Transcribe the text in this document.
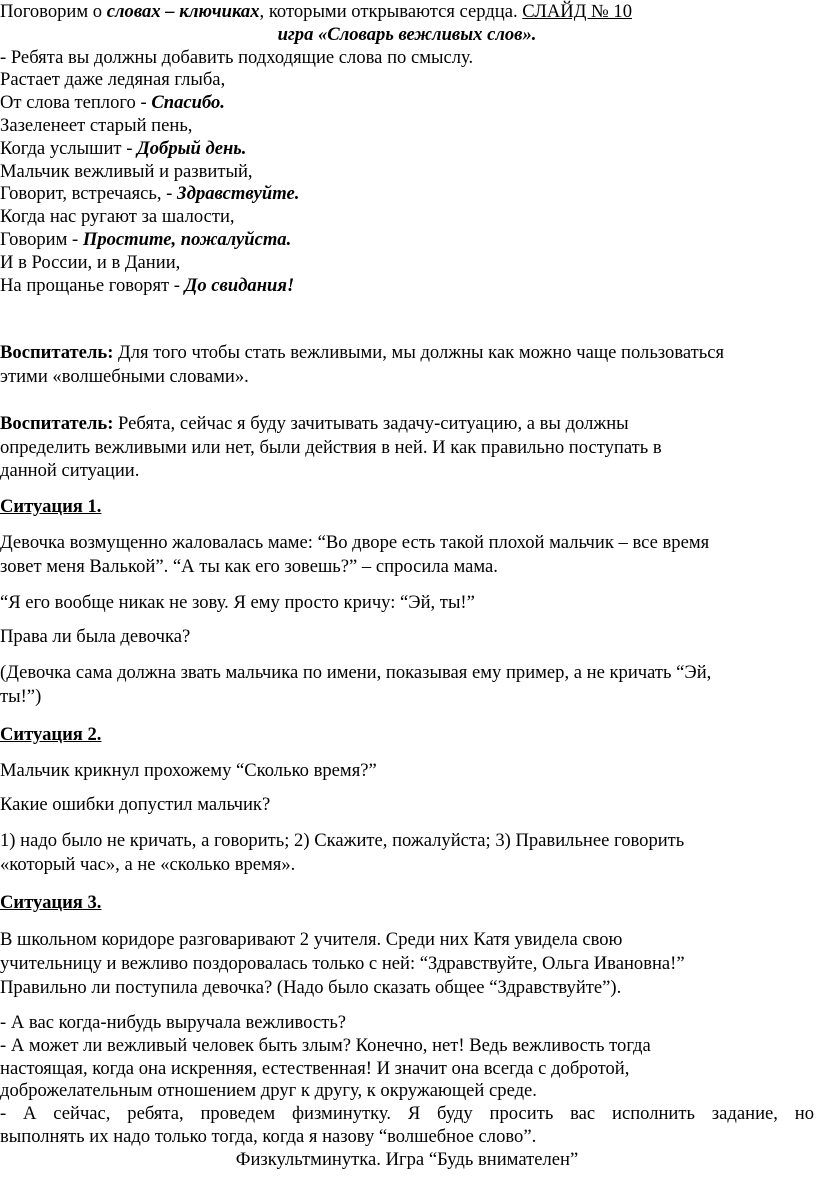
Поговорим о словах – ключиках, которыми открываются сердца. СЛАЙД № 10
игра «Словарь вежливых слов».
- Ребята вы должны добавить подходящие слова по смыслу.
Растает даже ледяная глыба,
От слова теплого - Спасибо.
Зазеленеет старый пень,
Когда услышит - Добрый день.
Мальчик вежливый и развитый,
Говорит, встречаясь, - Здравствуйте.
Когда нас ругают за шалости,
Говорим - Простите, пожалуйста.
И в России, и в Дании,
На прощанье говорят - До свидания!
Воспитатель: Для того чтобы стать вежливыми, мы должны как можно чаще пользоваться
этими «волшебными словами».
Воспитатель: Ребята, сейчас я буду зачитывать задачу-ситуацию, а вы должны
определить вежливыми или нет, были действия в ней. И как правильно поступать в
данной ситуации.
Ситуация 1.
Девочка возмущенно жаловалась маме: “Во дворе есть такой плохой мальчик – все время
зовет меня Валькой”. “А ты как его зовешь?” – спросила мама.
“Я его вообще никак не зову. Я ему просто кричу: “Эй, ты!”
Права ли была девочка?
(Девочка сама должна звать мальчика по имени, показывая ему пример, а не кричать “Эй,
ты!”)
Ситуация 2.
Мальчик крикнул прохожему “Сколько время?”
Какие ошибки допустил мальчик?
1) надо было не кричать, а говорить; 2) Скажите, пожалуйста; 3) Правильнее говорить
«который час», а не «сколько время».
Ситуация 3.
В школьном коридоре разговаривают 2 учителя. Среди них Катя увидела свою
учительницу и вежливо поздоровалась только с ней: “Здравствуйте, Ольга Ивановна!”
Правильно ли поступила девочка? (Надо было сказать общее “Здравствуйте”).
- А вас когда-нибудь выручала вежливость?
- А может ли вежливый человек быть злым? Конечно, нет! Ведь вежливость тогда
настоящая, когда она искренняя, естественная! И значит она всегда с добротой,
доброжелательным отношением друг к другу, к окружающей среде.
- А сейчас, ребята, проведем физминутку. Я буду просить вас исполнить задание, но
выполнять их надо только тогда, когда я назову “волшебное слово”.
Физкультминутка. Игра “Будь внимателен”
